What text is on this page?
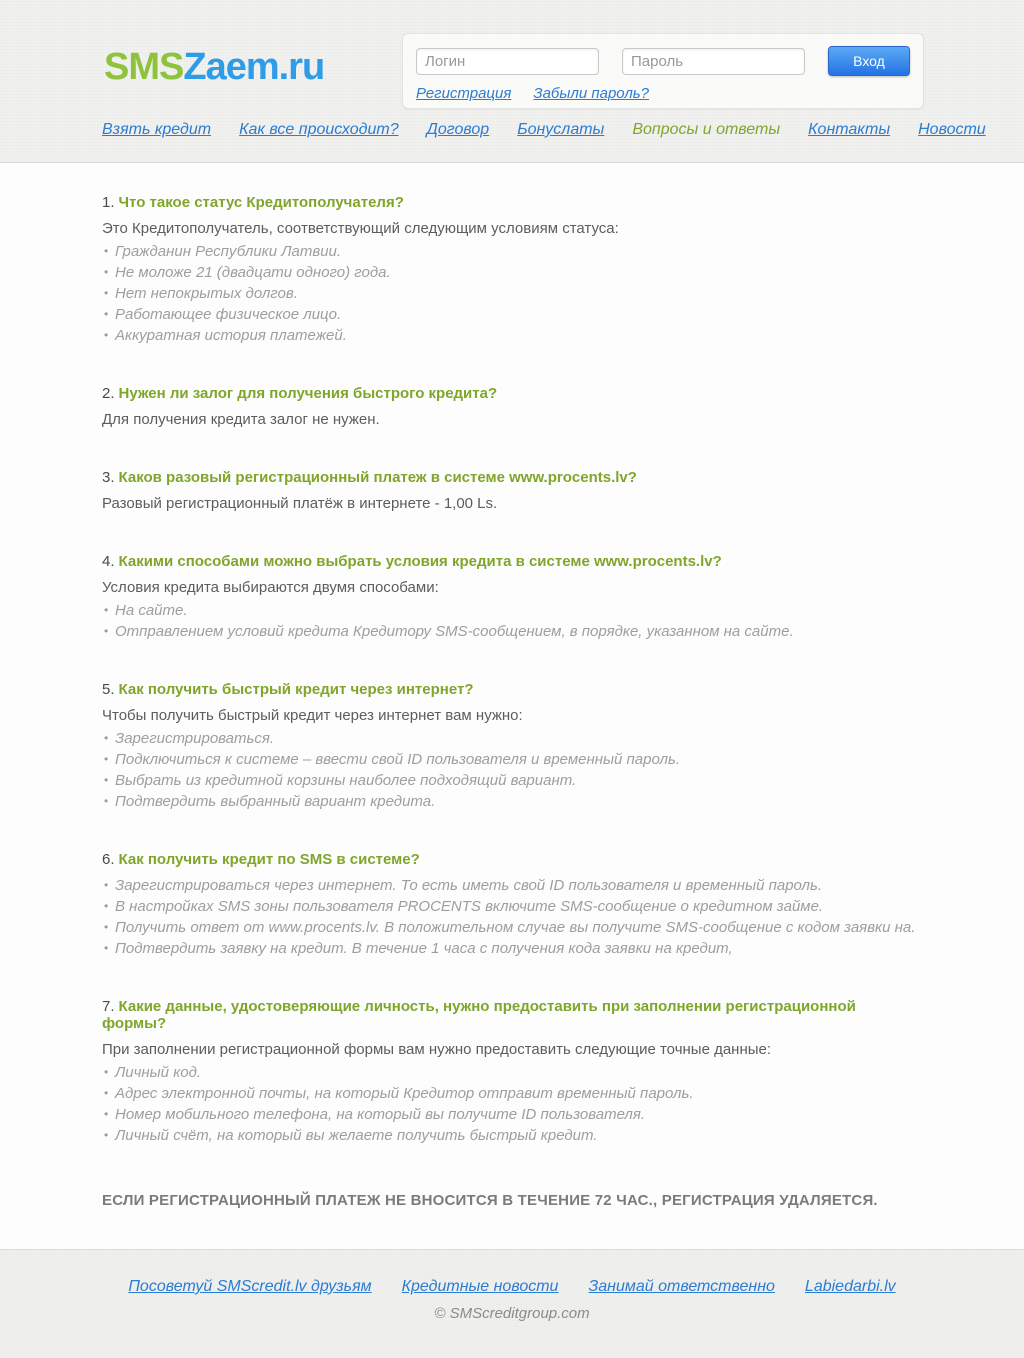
SMSZaem.ru
Логин
Пароль	Вход
Регистрация Забыли пароль?
Взять кредит Как все происходит? Договор Бонуслаты Вопросы и ответы Контакты Новости
1. Что такое статус Кредитополучателя?
Это Кредитополучатель, соответствующий следующим условиям статуса:
• Гражданин Республики Латвии.
• Не моложе 21 (двадцати одного) года.
• Нет непокрытых долгов.
• Работающее физическое лицо.
• Аккуратная история платежей.
2. Нужен ли залог для получения быстрого кредита?
Для получения кредита залог не нужен.
3. Каков разовый регистрационный платеж в системе www.procents.lv?
Разовый регистрационный платёж в интернете - 1,00 Ls.
4. Какими способами можно выбрать условия кредита в системе www.procents.lv?
Условия кредита выбираются двумя способами:
• На сайте.
• Отправлением условий кредита Кредитору SMS-сообщением, в порядке, указанном на сайте.
5. Как получить быстрый кредит через интернет?
Чтобы получить быстрый кредит через интернет вам нужно:
• Зарегистрироваться.
• Подключиться к системе – ввести свой ID пользователя и временный пароль.
• Выбрать из кредитной корзины наиболее подходящий вариант.
• Подтвердить выбранный вариант кредита.
6. Как получить кредит по SMS в системе?
• Зарегистрироваться через интернет. То есть иметь свой ID пользователя и временный пароль.
• В настройках SMS зоны пользователя PROCENTS включите SMS-сообщение о кредитном займе.
• Получить ответ от www.procents.lv. В положительном случае вы получите SMS-сообщение с кодом заявки на.
• Подтвердить заявку на кредит. В течение 1 часа с получения кода заявки на кредит,
7. Какие данные, удостоверяющие личность, нужно предоставить при заполнении регистрационной формы?
При заполнении регистрационной формы вам нужно предоставить следующие точные данные:
• Личный код.
• Адрес электронной почты, на который Кредитор отправит временный пароль.
• Номер мобильного телефона, на который вы получите ID пользователя.
• Личный счёт, на который вы желаете получить быстрый кредит.

ЕСЛИ РЕГИСТРАЦИОННЫЙ ПЛАТЕЖ НЕ ВНОСИТСЯ В ТЕЧЕНИЕ 72 ЧАС., РЕГИСТРАЦИЯ УДАЛЯЕТСЯ.

Посоветуй SMScredit.lv друзьям Кредитные новости Занимай ответственно Labiedarbi.lv
© SMScreditgroup.com
